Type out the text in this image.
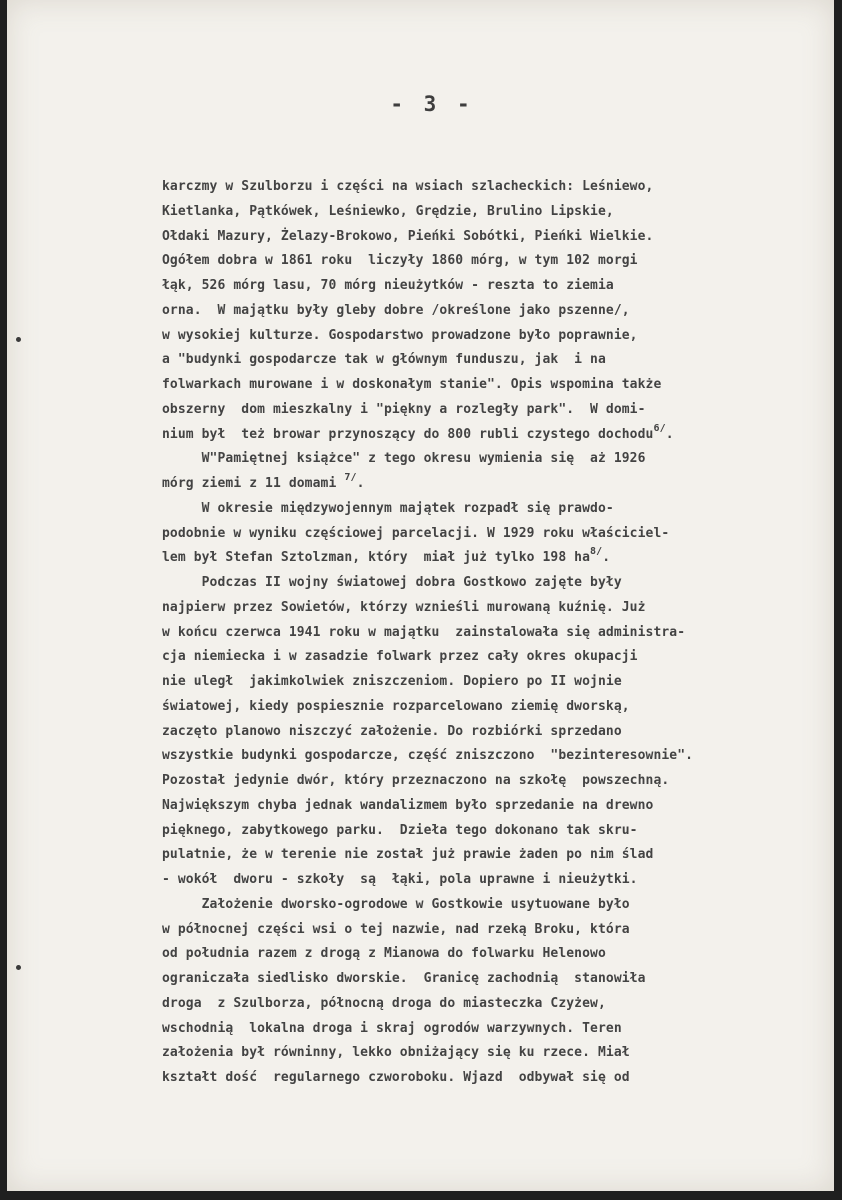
- 3 -
karczmy w Szulborzu i części na wsiach szlacheckich: Leśniewo,
Kietlanka, Pątkówek, Leśniewko, Grędzie, Brulino Lipskie,
Ołdaki Mazury, Żelazy-Brokowo, Pieńki Sobótki, Pieńki Wielkie.
Ogółem dobra w 1861 roku  liczyły 1860 mórg, w tym 102 morgi
łąk, 526 mórg lasu, 70 mórg nieużytków - reszta to ziemia
orna.  W majątku były gleby dobre /określone jako pszenne/,
w wysokiej kulturze. Gospodarstwo prowadzone było poprawnie,
a "budynki gospodarcze tak w głównym funduszu, jak  i na
folwarkach murowane i w doskonałym stanie". Opis wspomina także
obszerny  dom mieszkalny i "piękny a rozległy park".  W domi-
nium był  też browar przynoszący do 800 rubli czystego dochodu$^{6/}$.
W"Pamiętnej książce" z tego okresu wymienia się  aż 1926
mórg ziemi z 11 domami $^{7/}$.
W okresie międzywojennym majątek rozpadł się prawdo-
podobnie w wyniku częściowej parcelacji. W 1929 roku właściciel-
lem był Stefan Sztolzman, który  miał już tylko 198 $ha^{8/}$.
Podczas II wojny światowej dobra Gostkowo zajęte były
najpierw przez Sowietów, którzy wznieśli murowaną kuźnię. Już
w końcu czerwca 1941 roku w majątku  zainstalowała się administra-
cja niemiecka i w zasadzie folwark przez cały okres okupacji
nie uległ  jakimkolwiek zniszczeniom. Dopiero po II wojnie
światowej, kiedy pospiesznie rozparcelowano ziemię dworską,
zaczęto planowo niszczyć założenie. Do rozbiórki sprzedano
wszystkie budynki gospodarcze, część zniszczono  "bezinteresownie".
Pozostał jedynie dwór, który przeznaczono na szkołę  powszechną.
Największym chyba jednak wandalizmem było sprzedanie na drewno
pięknego, zabytkowego parku.  Dzieła tego dokonano tak skru-
pulatnie, że w terenie nie został już prawie żaden po nim ślad
- wokół  dworu - szkoły  są  łąki, pola uprawne i nieużytki.
Założenie dworsko-ogrodowe w Gostkowie usytuowane było
w północnej części wsi o tej nazwie, nad rzeką Broku, która
od południa razem z drogą z Mianowa do folwarku Helenowo
ograniczała siedlisko dworskie.  Granicę zachodnią  stanowiła
droga  z Szulborza, północną droga do miasteczka Czyżew,
wschodnią  lokalna droga i skraj ogrodów warzywnych. Teren
założenia był równinny, lekko obniżający się ku rzece. Miał
kształt dość  regularnego czworoboku. Wjazd  odbywał się od
